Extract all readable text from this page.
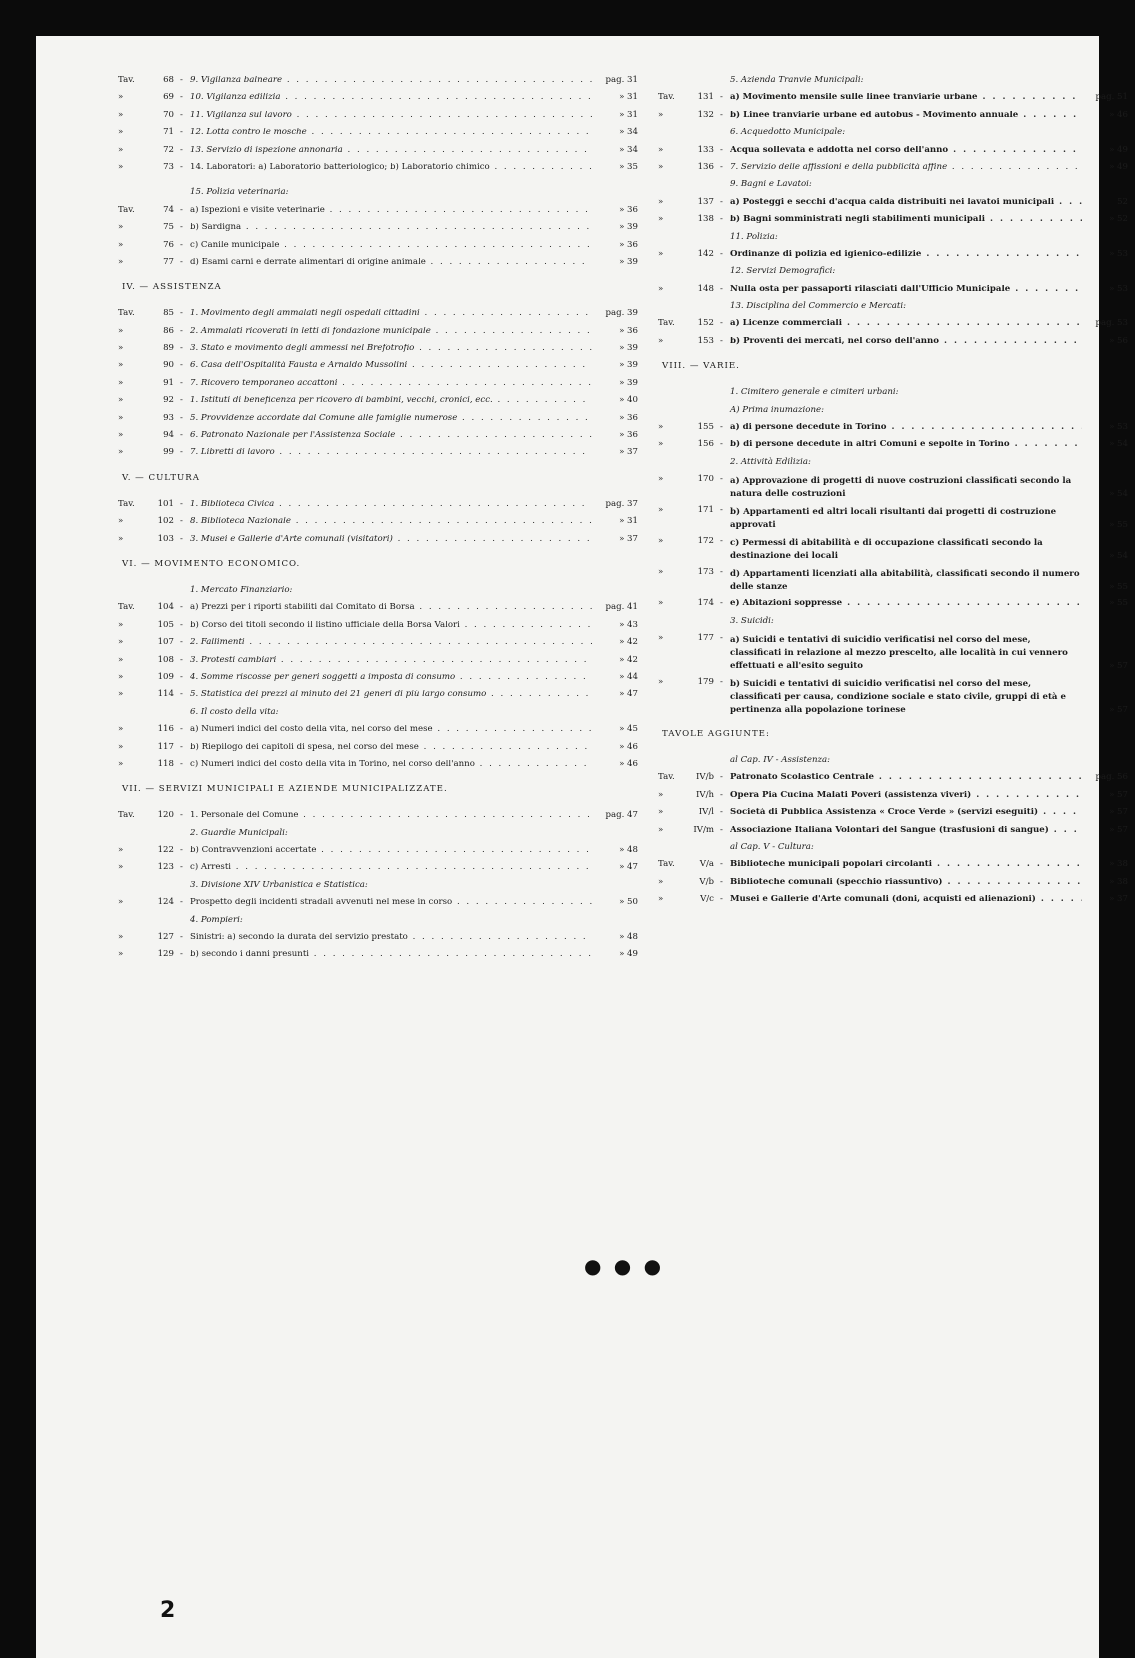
Tav.	68 - 9. Vigilanza balneare . . .	pag. 31
»	69 - 10. Vigilanza edilizia . . .	» 31
»	70 - 11. Vigilanza sul lavoro . . .	» 31
»	71 - 12. Lotta contro le mosche . . .	» 34
»	72 - 13. Servizio di ispezione annonaria . . .	» 34
»	73 - 14. Laboratori: a) Laboratorio batteriologico; b) Laboratorio chimico . . .	» 35
15. Polizia veterinaria:
Tav.	74 - a) Ispezioni e visite veterinarie . . .	» 36
»	75 - b) Sardigna . . .	» 39
»	76 - c) Canile municipale . . .	» 36
»	77 - d) Esami carni e derrate alimentari di origine animale . . .	» 39
IV. — ASSISTENZA
Tav.	85 - 1. Movimento degli ammalati negli ospedali cittadini . . .	pag. 39
»	86 - 2. Ammalati ricoverati in letti di fondazione municipale . . .	» 36
»	89 - 3. Stato e movimento degli ammessi nel Brefotrofio . . .	» 39
»	90 - 6. Casa dell'Ospitalità Fausta e Arnaldo Mussolini . . .	» 39
»	91 - 7. Ricovero temporaneo accattoni . . .	» 39
»	92 - 1. Istituti di beneficenza per ricovero di bambini, vecchi, cronici, ecc. . . .	» 40
»	93 - 5. Provvidenze accordate dal Comune alle famiglie numerose . . .	» 36
»	94 - 6. Patronato Nazionale per l'Assistenza Sociale . . .	» 36
»	99 - 7. Libretti di lavoro . . .	» 37
V. — CULTURA
Tav.	101 - 1. Biblioteca Civica . . .	pag. 37
»	102 - 8. Biblioteca Nazionale . . .	» 31
»	103 - 3. Musei e Gallerie d'Arte comunali (visitatori) . . .	» 37
VI. — MOVIMENTO ECONOMICO.
1. Mercato Finanziario:
Tav.	104 - a) Prezzi per i riporti stabiliti dal Comitato di Borsa . . .	pag. 41
»	105 - b) Corso dei titoli secondo il listino ufficiale della Borsa Valori . . .	» 43
»	107 - 2. Fallimenti . . .	» 42
»	108 - 3. Protesti cambiari . . .	» 42
»	109 - 4. Somme riscosse per generi soggetti a imposta di consumo . . .	» 44
»	114 - 5. Statistica dei prezzi al minuto dei 21 generi di più largo consumo . . .	» 47
6. Il costo della vita:
»	116 - a) Numeri indici del costo della vita, nel corso del mese . . .	» 45
»	117 - b) Riepilogo dei capitoli di spesa, nel corso del mese . . .	» 46
»	118 - c) Numeri indici del costo della vita in Torino, nel corso dell'anno . . .	» 46
VII. — SERVIZI MUNICIPALI E AZIENDE MUNICIPALIZZATE.
Tav.	120 - 1. Personale del Comune . . .	pag. 47
2. Guardie Municipali:
»	122 - b) Contravvenzioni accertate . . .	» 48
»	123 - c) Arresti . . .	» 47
3. Divisione XIV Urbanistica e Statistica:
»	124 - Prospetto degli incidenti stradali avvenuti nel mese in corso . . .	» 50
4. Pompieri:
»	127 - Sinistri: a) secondo la durata del servizio prestato . . .	» 48
»	129 - b) secondo i danni presunti . . .	» 49
5. Azienda Tranvie Municipali:
Tav.	131 - a) Movimento mensile sulle linee tranviarie urbane . . .	pag. 51
»	132 - b) Linee tranviarie urbane ed autobus - Movimento annuale . . .	» 46
6. Acquedotto Municipale:
»	133 - Acqua sollevata e addotta nel corso dell'anno . . .	» 49
»	136 - 7. Servizio delle affissioni e della pubblicità affine . . .	» 49
9. Bagni e Lavatoi:
»	137 - a) Posteggi e secchi d'acqua calda distribuiti nei lavatoi municipali . . .	52
»	138 - b) Bagni somministrati negli stabilimenti municipali . . .	» 52
11. Polizia:
»	142 - Ordinanze di polizia ed igienico-edilizie . . .	» 53
12. Servizi Demografici:
»	148 - Nulla osta per passaporti rilasciati dall'Ufficio Municipale . . .	» 53
13. Disciplina del Commercio e Mercati:
Tav.	152 - a) Licenze commerciali . . .	pag. 53
»	153 - b) Proventi dei mercati, nel corso dell'anno . . .	» 56
VIII. — VARIE.
1. Cimitero generale e cimiteri urbani:
A) Prima inumazione:
»	155 - a) di persone decedute in Torino . . .	» 53
»	156 - b) di persone decedute in altri Comuni e sepolte in Torino . . .	» 54
2. Attività Edilizia:
»	170 - a) Approvazione di progetti di nuove costruzioni classificati secondo la natura delle costruzioni	» 54
»	171 - b) Appartamenti ed altri locali risultanti dai progetti di costruzione approvati	» 55
»	172 - c) Permessi di abitabilità e di occupazione classificati secondo la destinazione dei locali	» 54
»	173 - d) Appartamenti licenziati alla abitabilità, classificati secondo il numero delle stanze	» 55
»	174 - e) Abitazioni soppresse . . .	» 55
3. Suicidi:
»	177 - a) Suicidi e tentativi di suicidio verificatisi nel corso del mese, classificati in relazione al mezzo prescelto, alle località in cui vennero effettuati e all'esito seguito	» 57
»	179 - b) Suicidi e tentativi di suicidio verificatisi nel corso del mese, classificati per causa, condizione sociale e stato civile, gruppi di età e pertinenza alla popolazione torinese	» 57
TAVOLE AGGIUNTE:
al Cap. IV - Assistenza:
Tav.	IV/b - Patronato Scolastico Centrale . . .	pag. 56
»	IV/h - Opera Pia Cucina Malati Poveri (assistenza viveri) . . .	» 57
»	IV/l - Società di Pubblica Assistenza « Croce Verde » (servizi eseguiti) . . .	» 57
»	IV/m - Associazione Italiana Volontari del Sangue (trasfusioni di sangue) . . .	» 57
al Cap. V - Cultura:
Tav.	V/a - Biblioteche municipali popolari circolanti . . .	» 38
»	V/b - Biblioteche comunali (specchio riassuntivo) . . .	» 38
»	V/c - Musei e Gallerie d'Arte comunali (doni, acquisti ed alienazioni) . . .	» 37
● ● ●
2
